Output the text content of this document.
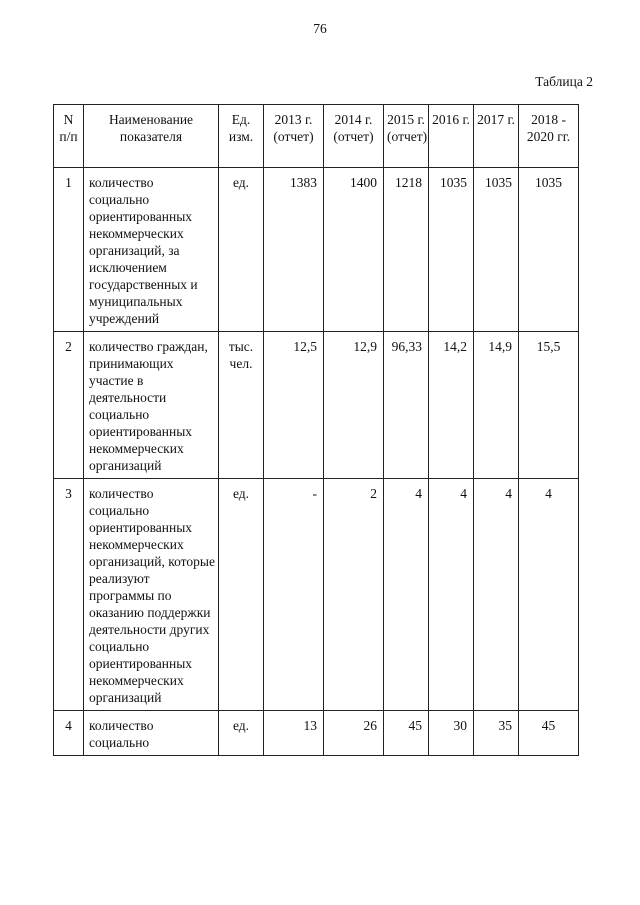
76
Таблица 2
N п/п	Наименование показателя	Ед. изм.	2013 г. (отчет)	2014 г. (отчет)	2015 г.(отчет)	2016 г.	2017 г.	2018 - 2020 гг.
1	количество социально ориентированных некоммерческих организаций, за исключением государственных и муниципальных учреждений	ед.	1383	1400	1218	1035	1035	1035
2	количество граждан, принимающих участие в деятельности социально ориентированных некоммерческих организаций	тыс. чел.	12,5	12,9	96,33	14,2	14,9	15,5
3	количество социально ориентированных некоммерческих организаций, которые реализуют программы по оказанию поддержки деятельности других социально ориентированных некоммерческих организаций	ед.	-	2	4	4	4	4
4	количество социально	ед.	13	26	45	30	35	45
